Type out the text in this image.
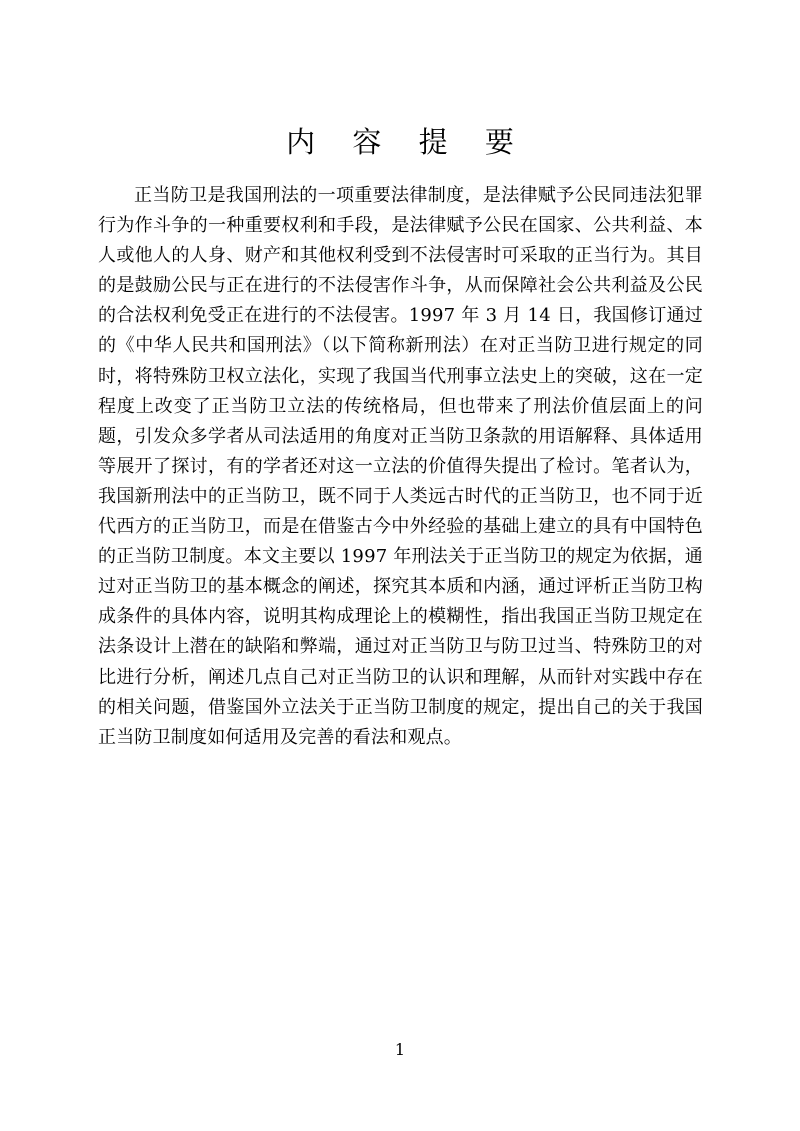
内 容 提 要

正当防卫是我国刑法的一项重要法律制度，是法律赋予公民同违法犯罪行为作斗争的一种重要权利和手段，是法律赋予公民在国家、公共利益、本人或他人的人身、财产和其他权利受到不法侵害时可采取的正当行为。其目的是鼓励公民与正在进行的不法侵害作斗争，从而保障社会公共利益及公民的合法权利免受正在进行的不法侵害。1997 年 3 月 14 日，我国修订通过的《中华人民共和国刑法》（以下简称新刑法）在对正当防卫进行规定的同时，将特殊防卫权立法化，实现了我国当代刑事立法史上的突破，这在一定程度上改变了正当防卫立法的传统格局，但也带来了刑法价值层面上的问题，引发众多学者从司法适用的角度对正当防卫条款的用语解释、具体适用等展开了探讨，有的学者还对这一立法的价值得失提出了检讨。笔者认为，我国新刑法中的正当防卫，既不同于人类远古时代的正当防卫，也不同于近代西方的正当防卫，而是在借鉴古今中外经验的基础上建立的具有中国特色的正当防卫制度。本文主要以 1997 年刑法关于正当防卫的规定为依据，通过对正当防卫的基本概念的阐述，探究其本质和内涵，通过评析正当防卫构成条件的具体内容，说明其构成理论上的模糊性，指出我国正当防卫规定在法条设计上潜在的缺陷和弊端，通过对正当防卫与防卫过当、特殊防卫的对比进行分析，阐述几点自己对正当防卫的认识和理解，从而针对实践中存在的相关问题，借鉴国外立法关于正当防卫制度的规定，提出自己的关于我国正当防卫制度如何适用及完善的看法和观点。

1
